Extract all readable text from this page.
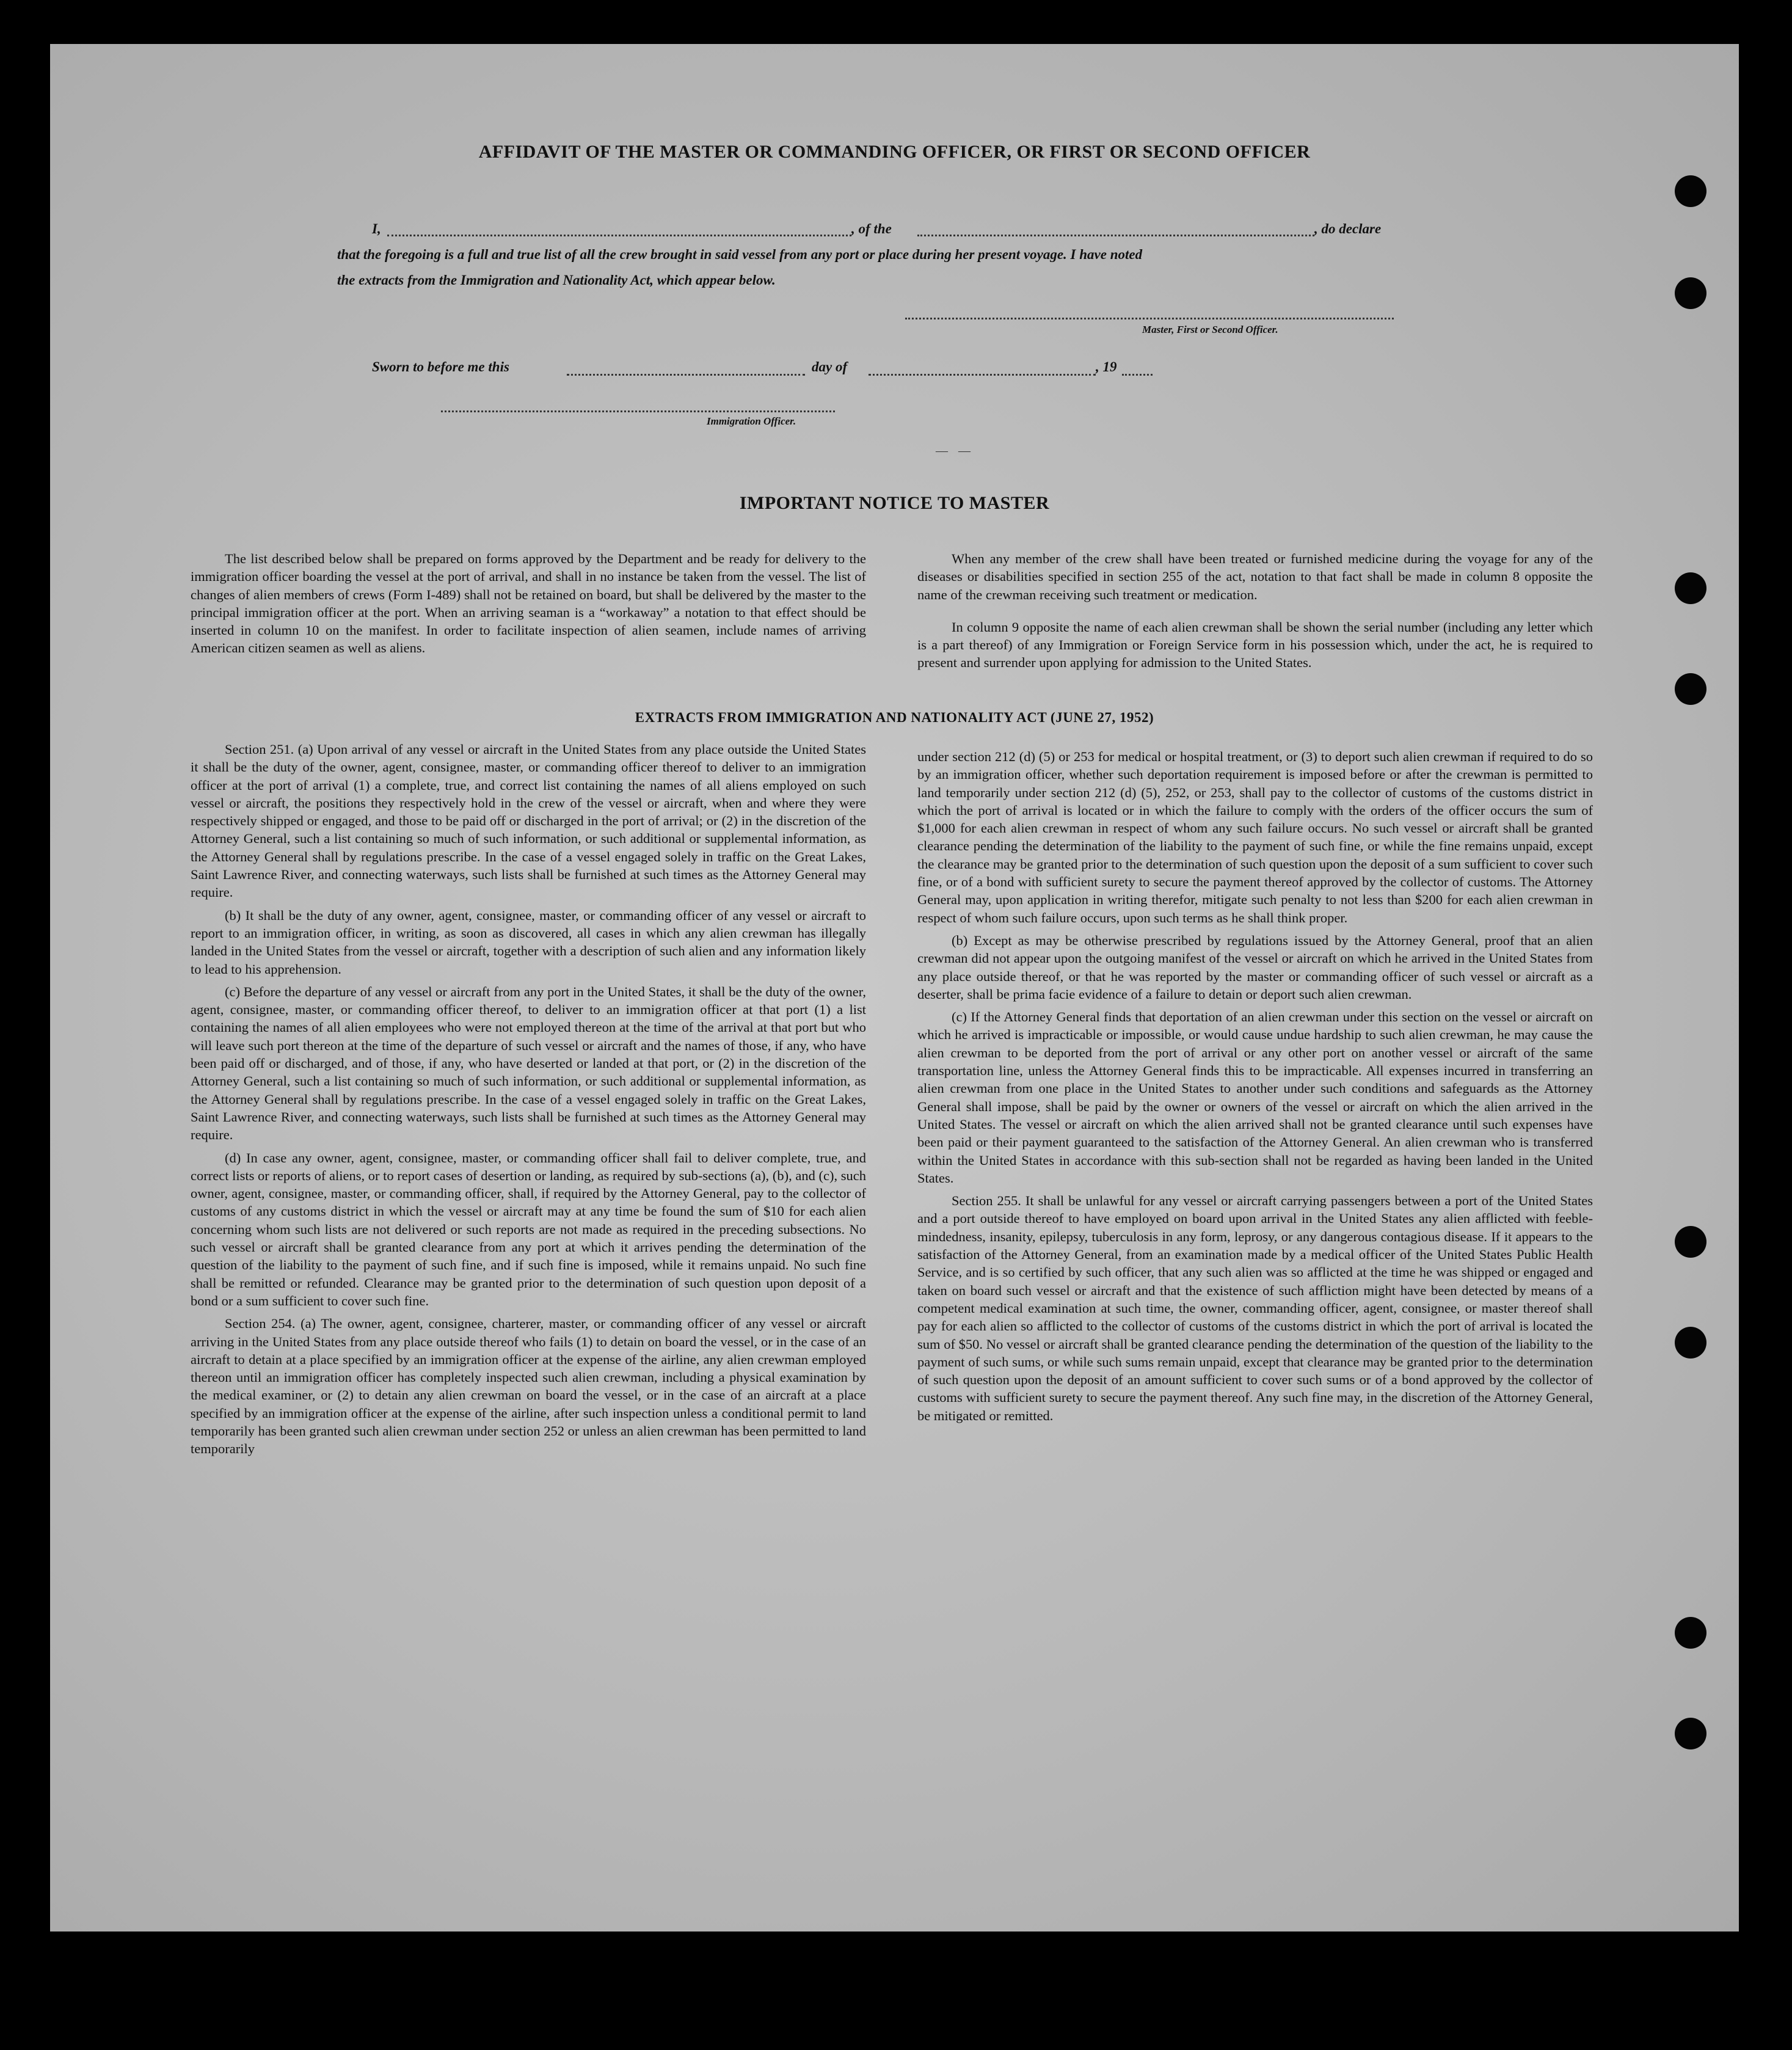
AFFIDAVIT OF THE MASTER OR COMMANDING OFFICER, OR FIRST OR SECOND OFFICER
I,	, of the	, do declare
that the foregoing is a full and true list of all the crew brought in said vessel from any port or place during her present voyage. I have noted
the extracts from the Immigration and Nationality Act, which appear below.
Master, First or Second Officer.
Sworn to before me this	day of	, 19
Immigration Officer.
— —
IMPORTANT NOTICE TO MASTER

The list described below shall be prepared on forms approved by the Department and be ready for delivery to the immigration officer boarding the vessel at the port of arrival, and shall in no instance be taken from the vessel. The list of changes of alien members of crews (Form I-489) shall not be retained on board, but shall be delivered by the master to the principal immigration officer at the port. When an arriving seaman is a “workaway” a notation to that effect should be inserted in column 10 on the manifest. In order to facilitate inspection of alien seamen, include names of arriving American citizen seamen as well as aliens.

When any member of the crew shall have been treated or furnished medicine during the voyage for any of the diseases or disabilities specified in section 255 of the act, notation to that fact shall be made in column 8 opposite the name of the crewman receiving such treatment or medication.

In column 9 opposite the name of each alien crewman shall be shown the serial number (including any letter which is a part thereof) of any Immigration or Foreign Service form in his possession which, under the act, he is required to present and surrender upon applying for admission to the United States.

EXTRACTS FROM IMMIGRATION AND NATIONALITY ACT (JUNE 27, 1952)

Section 251. (a) Upon arrival of any vessel or aircraft in the United States from any place outside the United States it shall be the duty of the owner, agent, consignee, master, or commanding officer thereof to deliver to an immigration officer at the port of arrival (1) a complete, true, and correct list containing the names of all aliens employed on such vessel or aircraft, the positions they respectively hold in the crew of the vessel or aircraft, when and where they were respectively shipped or engaged, and those to be paid off or discharged in the port of arrival; or (2) in the discretion of the Attorney General, such a list containing so much of such information, or such additional or supplemental information, as the Attorney General shall by regulations prescribe. In the case of a vessel engaged solely in traffic on the Great Lakes, Saint Lawrence River, and connecting waterways, such lists shall be furnished at such times as the Attorney General may require.

(b) It shall be the duty of any owner, agent, consignee, master, or commanding officer of any vessel or aircraft to report to an immigration officer, in writing, as soon as discovered, all cases in which any alien crewman has illegally landed in the United States from the vessel or aircraft, together with a description of such alien and any information likely to lead to his apprehension.

(c) Before the departure of any vessel or aircraft from any port in the United States, it shall be the duty of the owner, agent, consignee, master, or commanding officer thereof, to deliver to an immigration officer at that port (1) a list containing the names of all alien employees who were not employed thereon at the time of the arrival at that port but who will leave such port thereon at the time of the departure of such vessel or aircraft and the names of those, if any, who have been paid off or discharged, and of those, if any, who have deserted or landed at that port, or (2) in the discretion of the Attorney General, such a list containing so much of such information, or such additional or supplemental information, as the Attorney General shall by regulations prescribe. In the case of a vessel engaged solely in traffic on the Great Lakes, Saint Lawrence River, and connecting waterways, such lists shall be furnished at such times as the Attorney General may require.

(d) In case any owner, agent, consignee, master, or commanding officer shall fail to deliver complete, true, and correct lists or reports of aliens, or to report cases of desertion or landing, as required by sub-sections (a), (b), and (c), such owner, agent, consignee, master, or commanding officer, shall, if required by the Attorney General, pay to the collector of customs of any customs district in which the vessel or aircraft may at any time be found the sum of $10 for each alien concerning whom such lists are not delivered or such reports are not made as required in the preceding subsections. No such vessel or aircraft shall be granted clearance from any port at which it arrives pending the determination of the question of the liability to the payment of such fine, and if such fine is imposed, while it remains unpaid. No such fine shall be remitted or refunded. Clearance may be granted prior to the determination of such question upon deposit of a bond or a sum sufficient to cover such fine.

Section 254. (a) The owner, agent, consignee, charterer, master, or commanding officer of any vessel or aircraft arriving in the United States from any place outside thereof who fails (1) to detain on board the vessel, or in the case of an aircraft to detain at a place specified by an immigration officer at the expense of the airline, any alien crewman employed thereon until an immigration officer has completely inspected such alien crewman, including a physical examination by the medical examiner, or (2) to detain any alien crewman on board the vessel, or in the case of an aircraft at a place specified by an immigration officer at the expense of the airline, after such inspection unless a conditional permit to land temporarily has been granted such alien crewman under section 252 or unless an alien crewman has been permitted to land temporarily

under section 212 (d) (5) or 253 for medical or hospital treatment, or (3) to deport such alien crewman if required to do so by an immigration officer, whether such deportation requirement is imposed before or after the crewman is permitted to land temporarily under section 212 (d) (5), 252, or 253, shall pay to the collector of customs of the customs district in which the port of arrival is located or in which the failure to comply with the orders of the officer occurs the sum of $1,000 for each alien crewman in respect of whom any such failure occurs. No such vessel or aircraft shall be granted clearance pending the determination of the liability to the payment of such fine, or while the fine remains unpaid, except the clearance may be granted prior to the determination of such question upon the deposit of a sum sufficient to cover such fine, or of a bond with sufficient surety to secure the payment thereof approved by the collector of customs. The Attorney General may, upon application in writing therefor, mitigate such penalty to not less than $200 for each alien crewman in respect of whom such failure occurs, upon such terms as he shall think proper.

(b) Except as may be otherwise prescribed by regulations issued by the Attorney General, proof that an alien crewman did not appear upon the outgoing manifest of the vessel or aircraft on which he arrived in the United States from any place outside thereof, or that he was reported by the master or commanding officer of such vessel or aircraft as a deserter, shall be prima facie evidence of a failure to detain or deport such alien crewman.

(c) If the Attorney General finds that deportation of an alien crewman under this section on the vessel or aircraft on which he arrived is impracticable or impossible, or would cause undue hardship to such alien crewman, he may cause the alien crewman to be deported from the port of arrival or any other port on another vessel or aircraft of the same transportation line, unless the Attorney General finds this to be impracticable. All expenses incurred in transferring an alien crewman from one place in the United States to another under such conditions and safeguards as the Attorney General shall impose, shall be paid by the owner or owners of the vessel or aircraft on which the alien arrived in the United States. The vessel or aircraft on which the alien arrived shall not be granted clearance until such expenses have been paid or their payment guaranteed to the satisfaction of the Attorney General. An alien crewman who is transferred within the United States in accordance with this sub-section shall not be regarded as having been landed in the United States.

Section 255. It shall be unlawful for any vessel or aircraft carrying passengers between a port of the United States and a port outside thereof to have employed on board upon arrival in the United States any alien afflicted with feeble-mindedness, insanity, epilepsy, tuberculosis in any form, leprosy, or any dangerous contagious disease. If it appears to the satisfaction of the Attorney General, from an examination made by a medical officer of the United States Public Health Service, and is so certified by such officer, that any such alien was so afflicted at the time he was shipped or engaged and taken on board such vessel or aircraft and that the existence of such affliction might have been detected by means of a competent medical examination at such time, the owner, commanding officer, agent, consignee, or master thereof shall pay for each alien so afflicted to the collector of customs of the customs district in which the port of arrival is located the sum of $50. No vessel or aircraft shall be granted clearance pending the determination of the question of the liability to the payment of such sums, or while such sums remain unpaid, except that clearance may be granted prior to the determination of such question upon the deposit of an amount sufficient to cover such sums or of a bond approved by the collector of customs with sufficient surety to secure the payment thereof. Any such fine may, in the discretion of the Attorney General, be mitigated or remitted.
